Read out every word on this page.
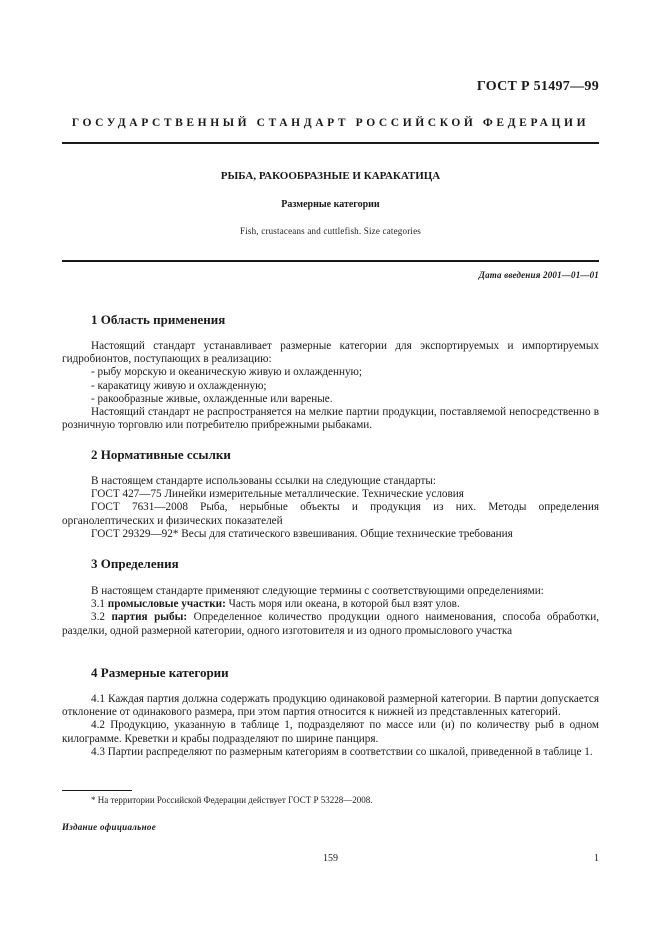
ГОСТ Р 51497—99
ГОСУДАРСТВЕННЫЙ СТАНДАРТ РОССИЙСКОЙ ФЕДЕРАЦИИ
РЫБА, РАКООБРАЗНЫЕ И КАРАКАТИЦА
Размерные категории
Fish, crustaceans and cuttlefish. Size categories
Дата введения 2001—01—01
1 Область применения

Настоящий стандарт устанавливает размерные категории для экспортируемых и импортируемых гидробионтов, поступающих в реализацию:

- рыбу морскую и океаническую живую и охлажденную;

- каракатицу живую и охлажденную;

- ракообразные живые, охлажденные или вареные.

Настоящий стандарт не распространяется на мелкие партии продукции, поставляемой непосредственно в розничную торговлю или потребителю прибрежными рыбаками.

2 Нормативные ссылки

В настоящем стандарте использованы ссылки на следующие стандарты:

ГОСТ 427—75 Линейки измерительные металлические. Технические условия

ГОСТ 7631—2008 Рыба, нерыбные объекты и продукция из них. Методы определения органолептических и физических показателей

ГОСТ 29329—92* Весы для статического взвешивания. Общие технические требования

3 Определения

В настоящем стандарте применяют следующие термины с соответствующими определениями:

3.1 промысловые участки: Часть моря или океана, в которой был взят улов.

3.2 партия рыбы: Определенное количество продукции одного наименования, способа обработки, разделки, одной размерной категории, одного изготовителя и из одного промыслового участка

4 Размерные категории

4.1 Каждая партия должна содержать продукцию одинаковой размерной категории. В партии допускается отклонение от одинакового размера, при этом партия относится к нижней из представленных категорий.

4.2 Продукцию, указанную в таблице 1, подразделяют по массе или (и) по количеству рыб в одном килограмме. Креветки и крабы подразделяют по ширине панциря.

4.3 Партии распределяют по размерным категориям в соответствии со шкалой, приведенной в таблице 1.

* На территории Российской Федерации действует ГОСТ Р 53228—2008.
Издание официальное
159	1
